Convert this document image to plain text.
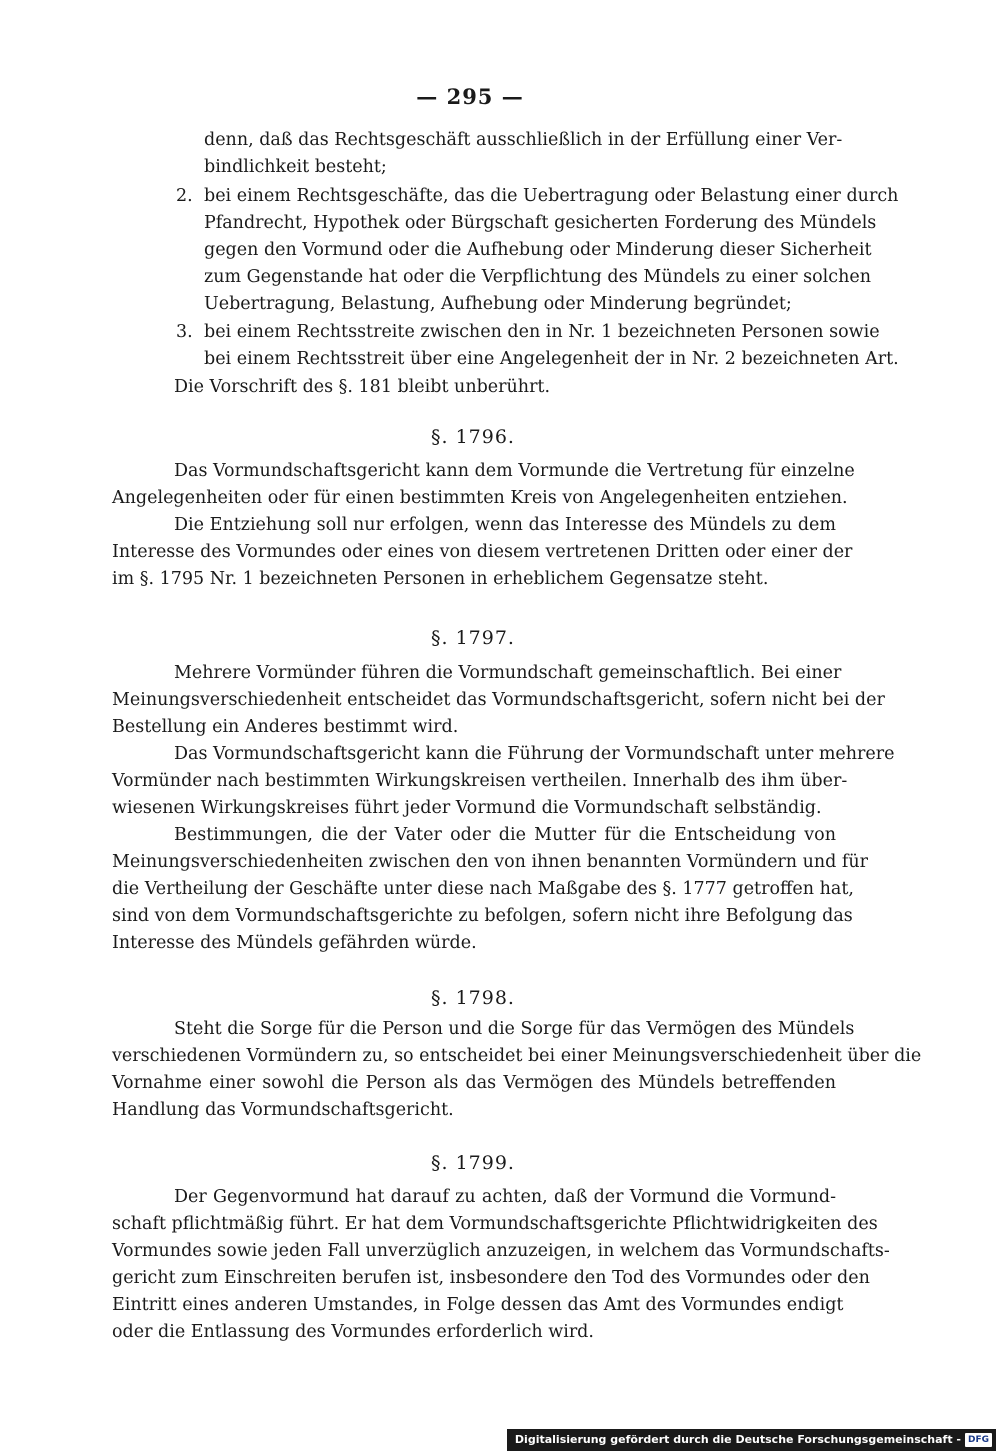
— 295 —
denn, daß das Rechtsgeschäft ausschließlich in der Erfüllung einer Ver-
bindlichkeit besteht;
2. bei einem Rechtsgeschäfte, das die Uebertragung oder Belastung einer durch
Pfandrecht, Hypothek oder Bürgschaft gesicherten Forderung des Mündels
gegen den Vormund oder die Aufhebung oder Minderung dieser Sicherheit
zum Gegenstande hat oder die Verpflichtung des Mündels zu einer solchen
Uebertragung, Belastung, Aufhebung oder Minderung begründet;
3. bei einem Rechtsstreite zwischen den in Nr. 1 bezeichneten Personen sowie
bei einem Rechtsstreit über eine Angelegenheit der in Nr. 2 bezeichneten Art.
Die Vorschrift des §. 181 bleibt unberührt.
§. 1796.
Das Vormundschaftsgericht kann dem Vormunde die Vertretung für einzelne
Angelegenheiten oder für einen bestimmten Kreis von Angelegenheiten entziehen.
Die Entziehung soll nur erfolgen, wenn das Interesse des Mündels zu dem
Interesse des Vormundes oder eines von diesem vertretenen Dritten oder einer der
im §. 1795 Nr. 1 bezeichneten Personen in erheblichem Gegensatze steht.
§. 1797.
Mehrere Vormünder führen die Vormundschaft gemeinschaftlich. Bei einer
Meinungsverschiedenheit entscheidet das Vormundschaftsgericht, sofern nicht bei der
Bestellung ein Anderes bestimmt wird.
Das Vormundschaftsgericht kann die Führung der Vormundschaft unter mehrere
Vormünder nach bestimmten Wirkungskreisen vertheilen. Innerhalb des ihm über-
wiesenen Wirkungskreises führt jeder Vormund die Vormundschaft selbständig.
Bestimmungen, die der Vater oder die Mutter für die Entscheidung von
Meinungsverschiedenheiten zwischen den von ihnen benannten Vormündern und für
die Vertheilung der Geschäfte unter diese nach Maßgabe des §. 1777 getroffen hat,
sind von dem Vormundschaftsgerichte zu befolgen, sofern nicht ihre Befolgung das
Interesse des Mündels gefährden würde.
§. 1798.
Steht die Sorge für die Person und die Sorge für das Vermögen des Mündels
verschiedenen Vormündern zu, so entscheidet bei einer Meinungsverschiedenheit über die
Vornahme einer sowohl die Person als das Vermögen des Mündels betreffenden
Handlung das Vormundschaftsgericht.
§. 1799.
Der Gegenvormund hat darauf zu achten, daß der Vormund die Vormund-
schaft pflichtmäßig führt. Er hat dem Vormundschaftsgerichte Pflichtwidrigkeiten des
Vormundes sowie jeden Fall unverzüglich anzuzeigen, in welchem das Vormundschafts-
gericht zum Einschreiten berufen ist, insbesondere den Tod des Vormundes oder den
Eintritt eines anderen Umstandes, in Folge dessen das Amt des Vormundes endigt
oder die Entlassung des Vormundes erforderlich wird.
Digitalisierung gefördert durch die Deutsche Forschungsgemeinschaft - DFG
